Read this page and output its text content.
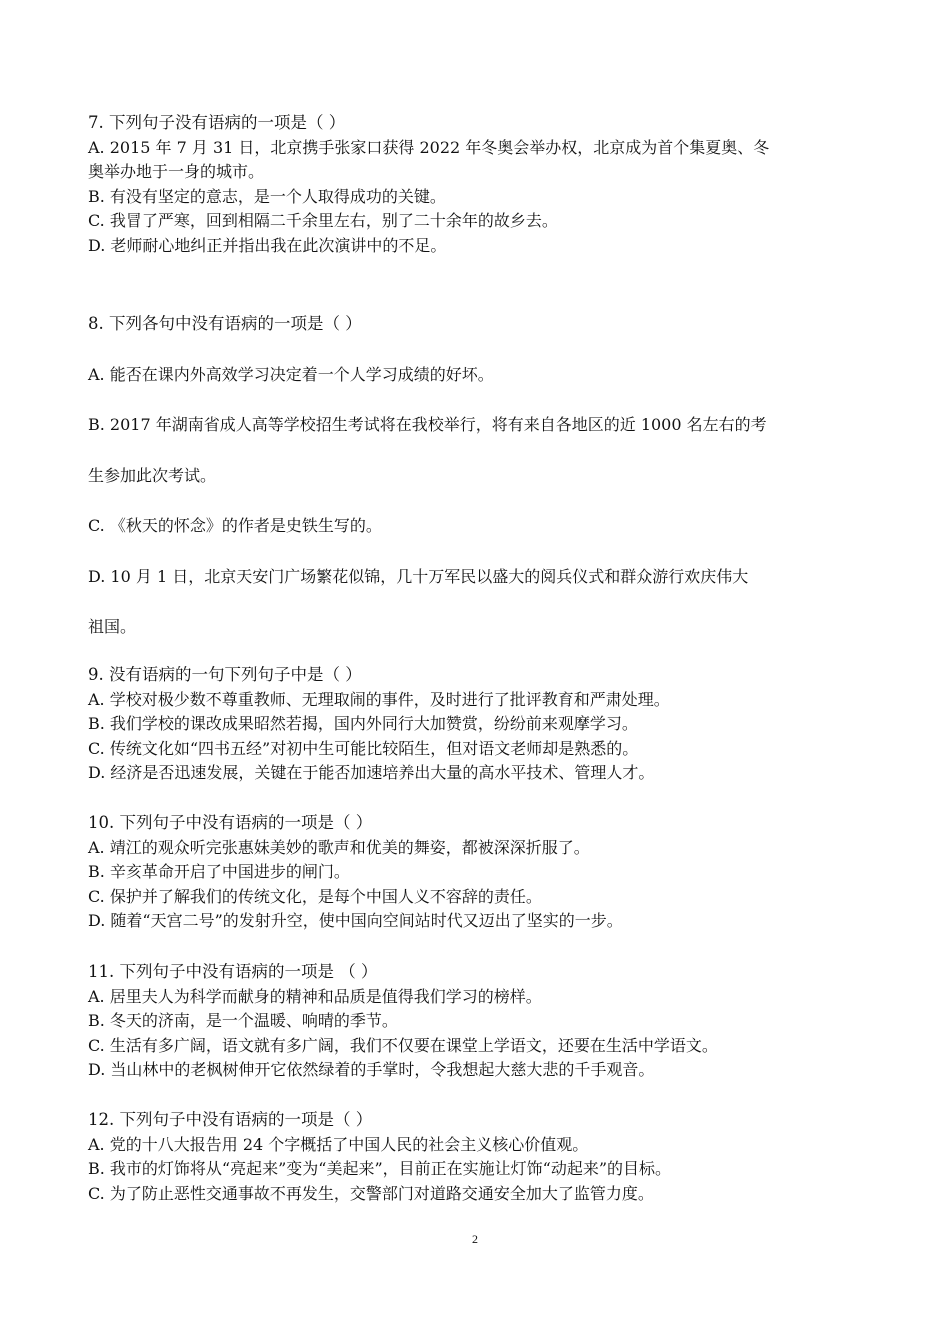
7. 下列句子没有语病的一项是（ ）
A. 2015 年 7 月 31 日，北京携手张家口获得 2022 年冬奥会举办权，北京成为首个集夏奥、冬
奥举办地于一身的城市。
B. 有没有坚定的意志，是一个人取得成功的关键。
C. 我冒了严寒，回到相隔二千余里左右，别了二十余年的故乡去。
D. 老师耐心地纠正并指出我在此次演讲中的不足。
8. 下列各句中没有语病的一项是（ ）
A. 能否在课内外高效学习决定着一个人学习成绩的好坏。
B. 2017 年湖南省成人高等学校招生考试将在我校举行，将有来自各地区的近 1000 名左右的考
生参加此次考试。
C. 《秋天的怀念》的作者是史铁生写的。
D. 10 月 1 日，北京天安门广场繁花似锦，几十万军民以盛大的阅兵仪式和群众游行欢庆伟大
祖国。
9. 没有语病的一句下列句子中是（ ）
A. 学校对极少数不尊重教师、无理取闹的事件，及时进行了批评教育和严肃处理。
B. 我们学校的课改成果昭然若揭，国内外同行大加赞赏，纷纷前来观摩学习。
C. 传统文化如“四书五经”对初中生可能比较陌生，但对语文老师却是熟悉的。
D. 经济是否迅速发展，关键在于能否加速培养出大量的高水平技术、管理人才。
10. 下列句子中没有语病的一项是（ ）
A. 靖江的观众听完张惠妹美妙的歌声和优美的舞姿，都被深深折服了。
B. 辛亥革命开启了中国进步的闸门。
C. 保护并了解我们的传统文化，是每个中国人义不容辞的责任。
D. 随着“天宫二号”的发射升空，使中国向空间站时代又迈出了坚实的一步。
11. 下列句子中没有语病的一项是 （ ）
A. 居里夫人为科学而献身的精神和品质是值得我们学习的榜样。
B. 冬天的济南，是一个温暖、响晴的季节。
C. 生活有多广阔，语文就有多广阔，我们不仅要在课堂上学语文，还要在生活中学语文。
D. 当山林中的老枫树伸开它依然绿着的手掌时，令我想起大慈大悲的千手观音。
12. 下列句子中没有语病的一项是（ ）
A. 党的十八大报告用 24 个字概括了中国人民的社会主义核心价值观。
B. 我市的灯饰将从“亮起来”变为“美起来”，目前正在实施让灯饰“动起来”的目标。
C. 为了防止恶性交通事故不再发生，交警部门对道路交通安全加大了监管力度。
2
